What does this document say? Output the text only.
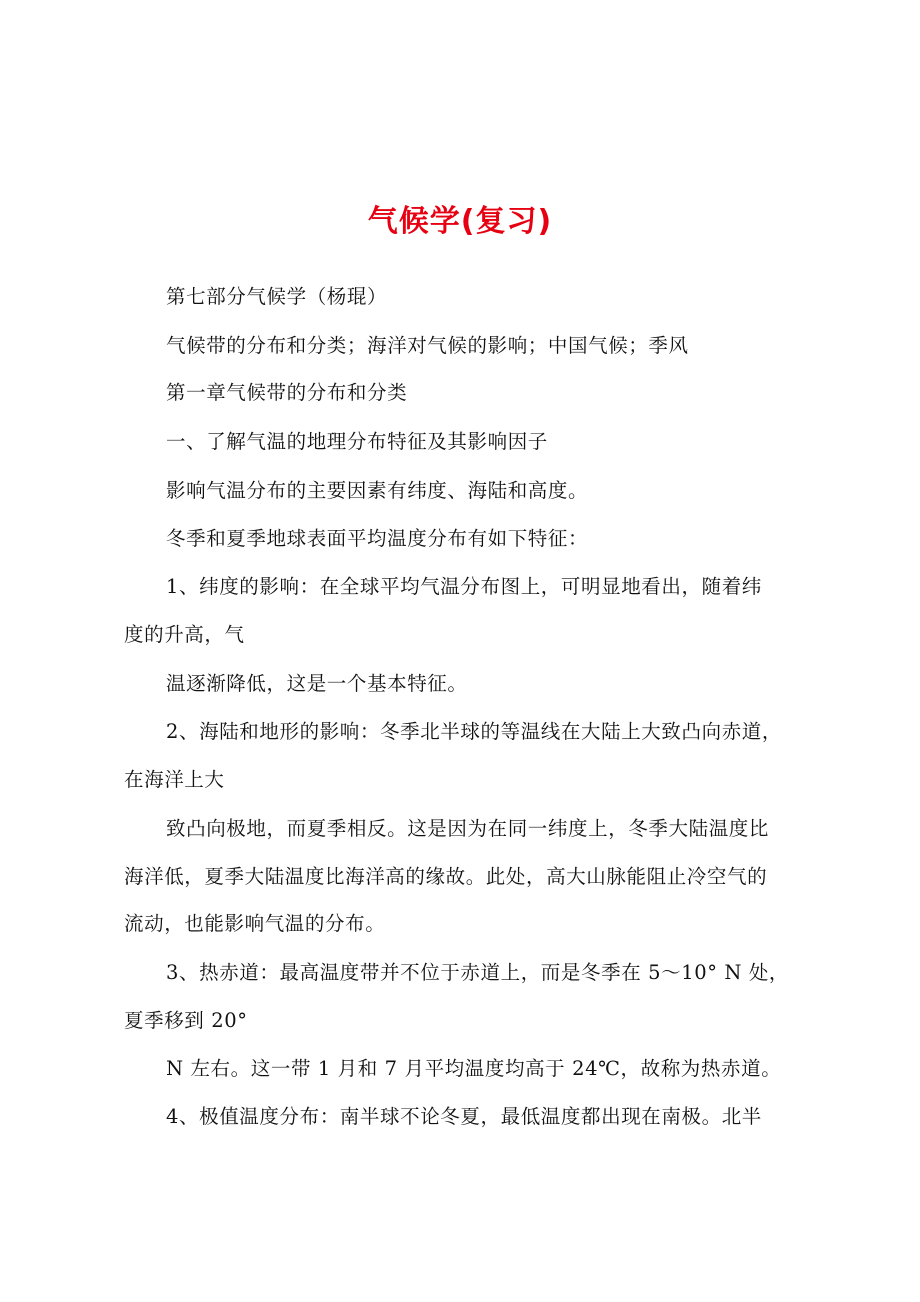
气候学(复习)
第七部分气候学（杨琨）
气候带的分布和分类；海洋对气候的影响；中国气候；季风
第一章气候带的分布和分类
一、了解气温的地理分布特征及其影响因子
影响气温分布的主要因素有纬度、海陆和高度。
冬季和夏季地球表面平均温度分布有如下特征：
1、纬度的影响：在全球平均气温分布图上，可明显地看出，随着纬
度的升高，气
温逐渐降低，这是一个基本特征。
2、海陆和地形的影响：冬季北半球的等温线在大陆上大致凸向赤道，
在海洋上大
致凸向极地，而夏季相反。这是因为在同一纬度上，冬季大陆温度比
海洋低，夏季大陆温度比海洋高的缘故。此处，高大山脉能阻止冷空气的
流动，也能影响气温的分布。
3、热赤道：最高温度带并不位于赤道上，而是冬季在 5～10° N 处，
夏季移到 20°
N 左右。这一带 1 月和 7 月平均温度均高于 24℃，故称为热赤道。
4、极值温度分布：南半球不论冬夏，最低温度都出现在南极。北半
